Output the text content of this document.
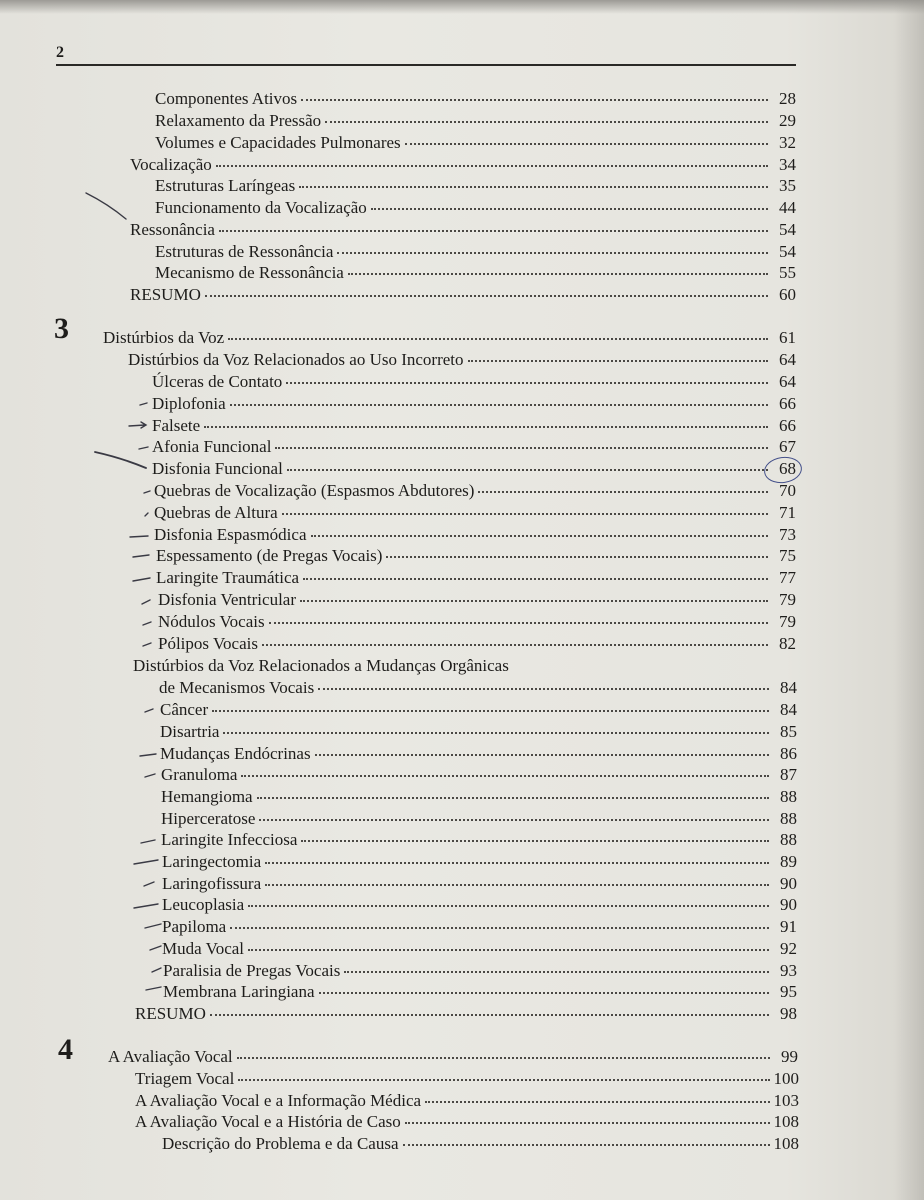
2
Componentes Ativos	28
Relaxamento da Pressão	29
Volumes e Capacidades Pulmonares	32
Vocalização	34
Estruturas Laríngeas	35
Funcionamento da Vocalização	44
Ressonância	54
Estruturas de Ressonância	54
Mecanismo de Ressonância	55
RESUMO	60
3 Distúrbios da Voz	61
Distúrbios da Voz Relacionados ao Uso Incorreto	64
Úlceras de Contato	64
Diplofonia	66
Falsete	66
Afonia Funcional	67
Disfonia Funcional	68
Quebras de Vocalização (Espasmos Abdutores)	70
Quebras de Altura	71
Disfonia Espasmódica	73
Espessamento (de Pregas Vocais)	75
Laringite Traumática	77
Disfonia Ventricular	79
Nódulos Vocais	79
Pólipos Vocais	82
Distúrbios da Voz Relacionados a Mudanças Orgânicas
de Mecanismos Vocais	84
Câncer	84
Disartria	85
Mudanças Endócrinas	86
Granuloma	87
Hemangioma	88
Hiperceratose	88
Laringite Infecciosa	88
Laringectomia	89
Laringofissura	90
Leucoplasia	90
Papiloma	91
Muda Vocal	92
Paralisia de Pregas Vocais	93
Membrana Laringiana	95
RESUMO	98
4 A Avaliação Vocal	99
Triagem Vocal	100
A Avaliação Vocal e a Informação Médica	103
A Avaliação Vocal e a História de Caso	108
Descrição do Problema e da Causa	108
